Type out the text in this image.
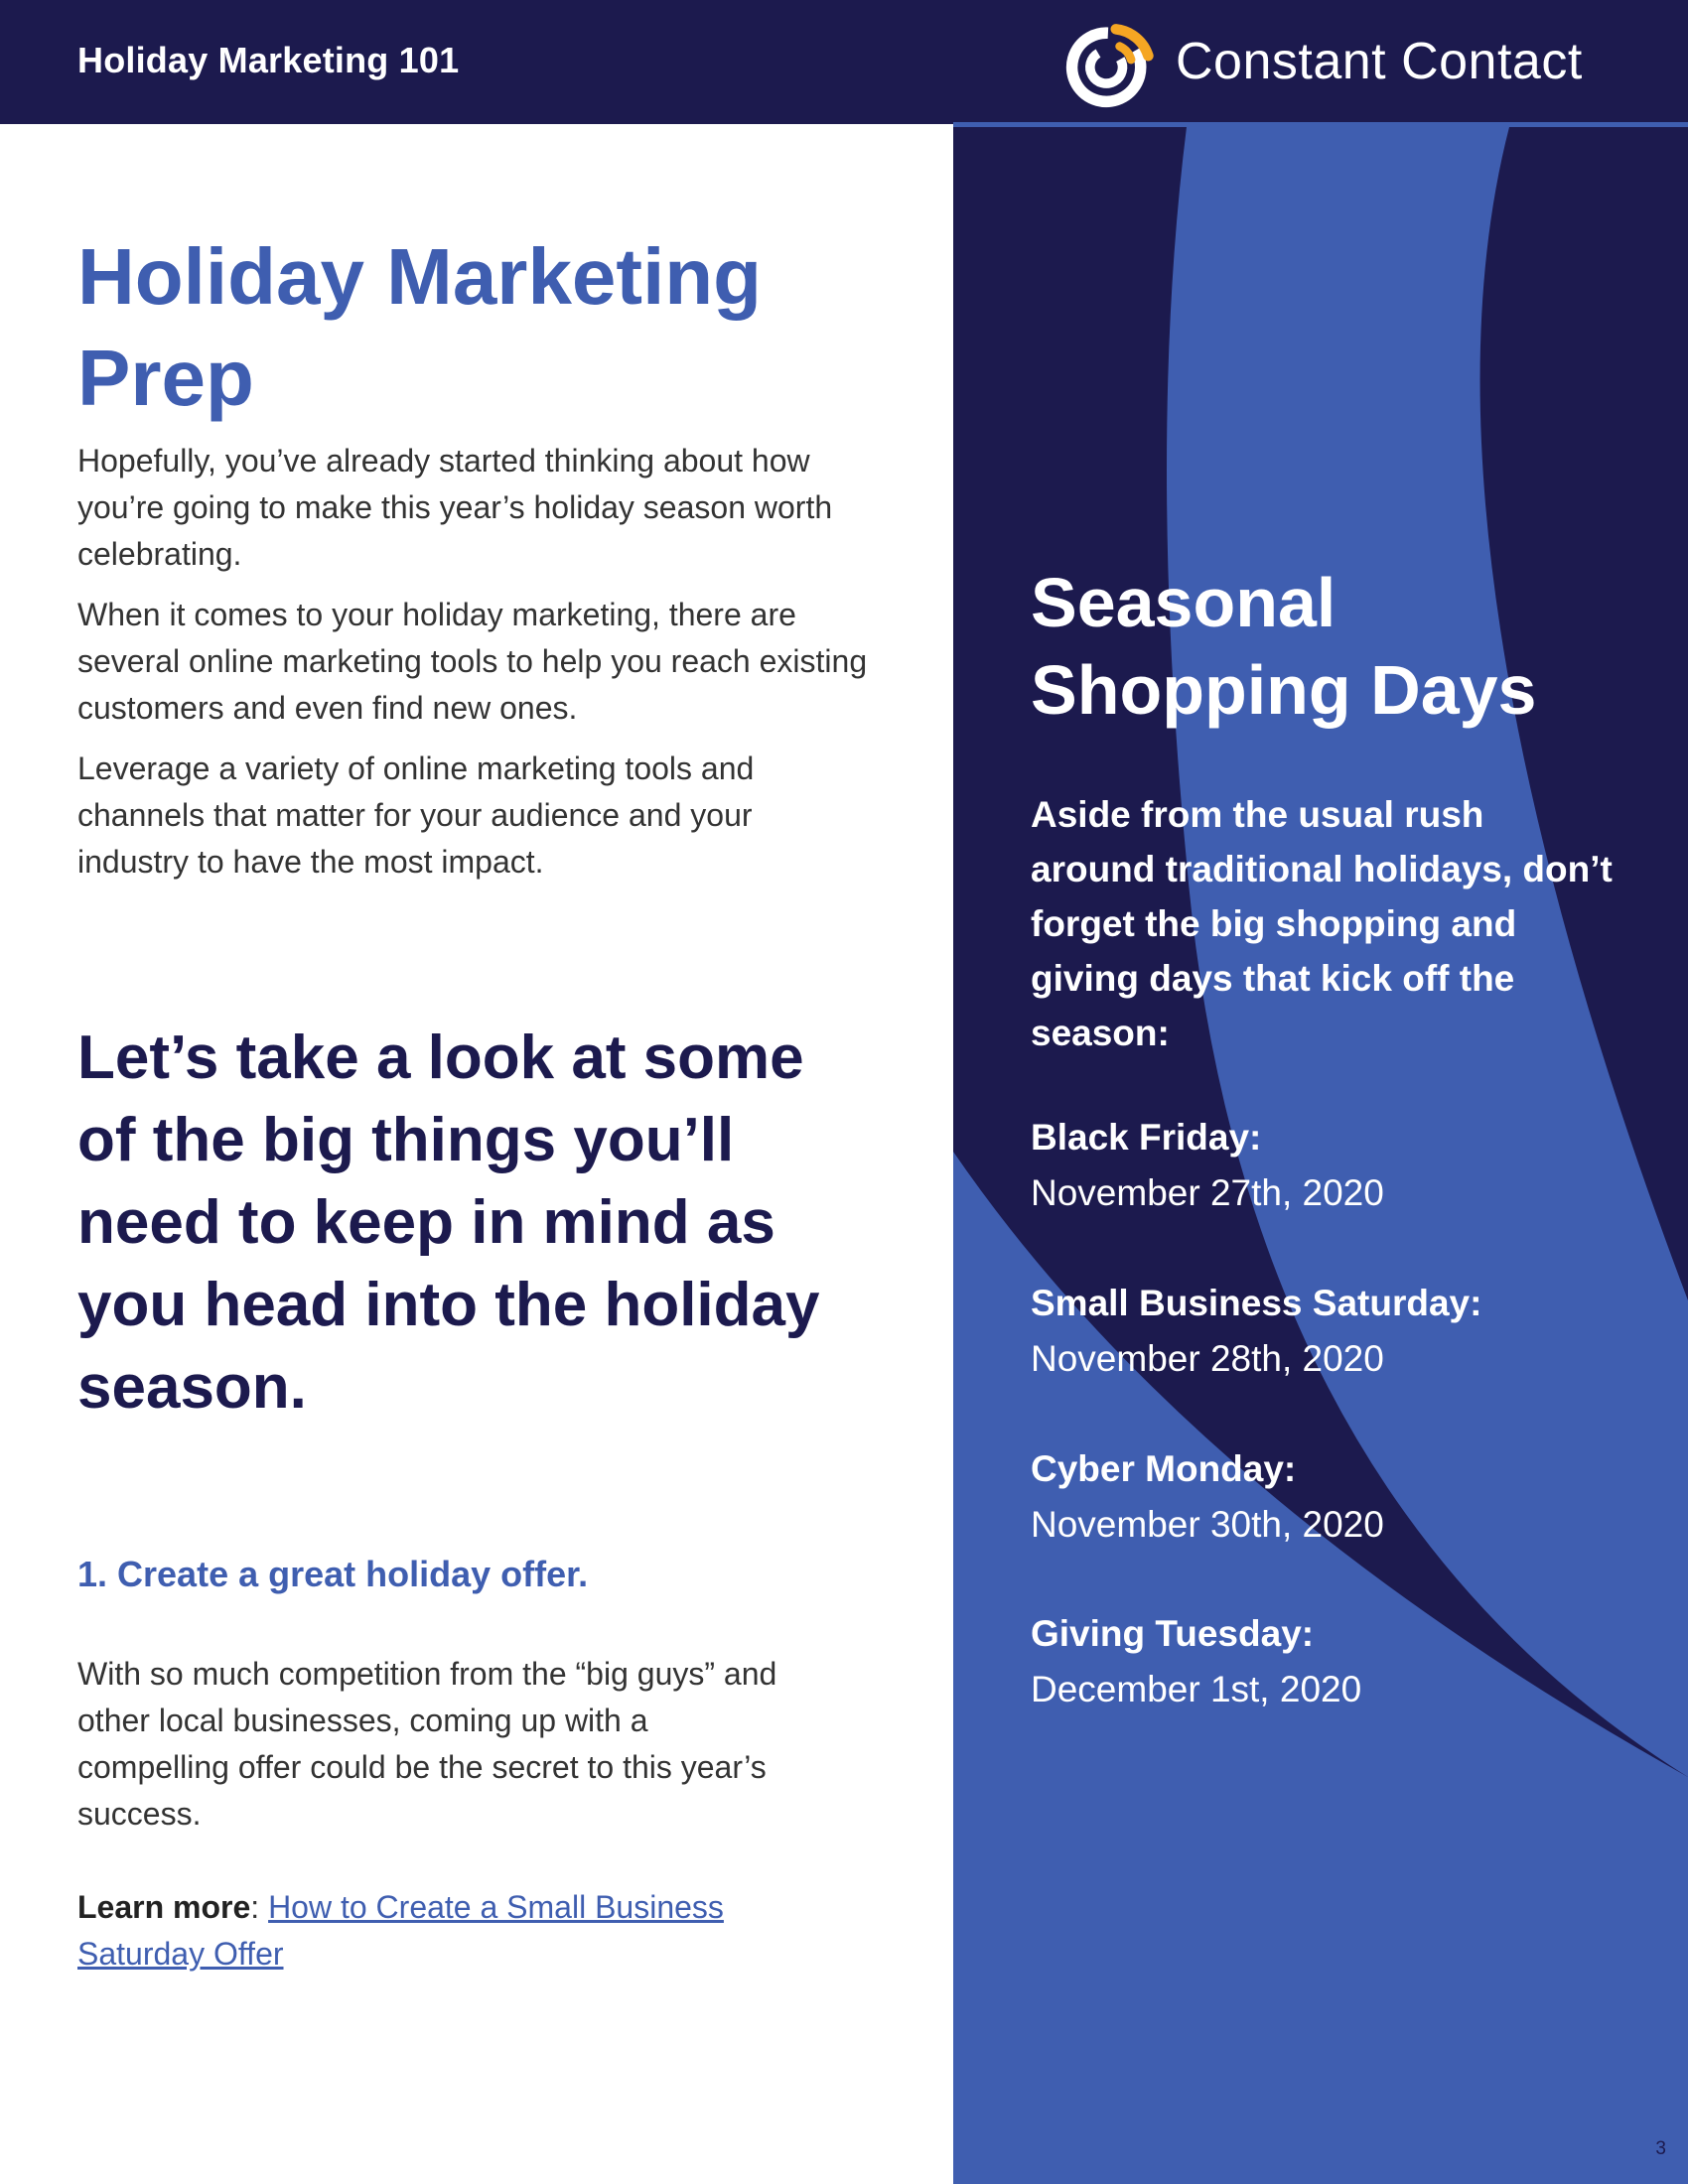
Holiday Marketing 101	Constant Contact
Holiday Marketing Prep

Hopefully, you’ve already started thinking about how you’re going to make this year’s holiday season worth celebrating.

When it comes to your holiday marketing, there are several online marketing tools to help you reach existing customers and even find new ones.

Leverage a variety of online marketing tools and channels that matter for your audience and your industry to have the most impact.

Let’s take a look at some of the big things you’ll need to keep in mind as you head into the holiday season.
1. Create a great holiday offer.

With so much competition from the “big guys” and other local businesses, coming up with a compelling offer could be the secret to this year’s success.

Learn more: How to Create a Small Business Saturday Offer

Seasonal Shopping Days
Aside from the usual rush around traditional holidays, don’t forget the big shopping and giving days that kick off the season:
Black Friday:
November 27th, 2020
Small Business Saturday:
November 28th, 2020
Cyber Monday:
November 30th, 2020
Giving Tuesday:
December 1st, 2020
3
